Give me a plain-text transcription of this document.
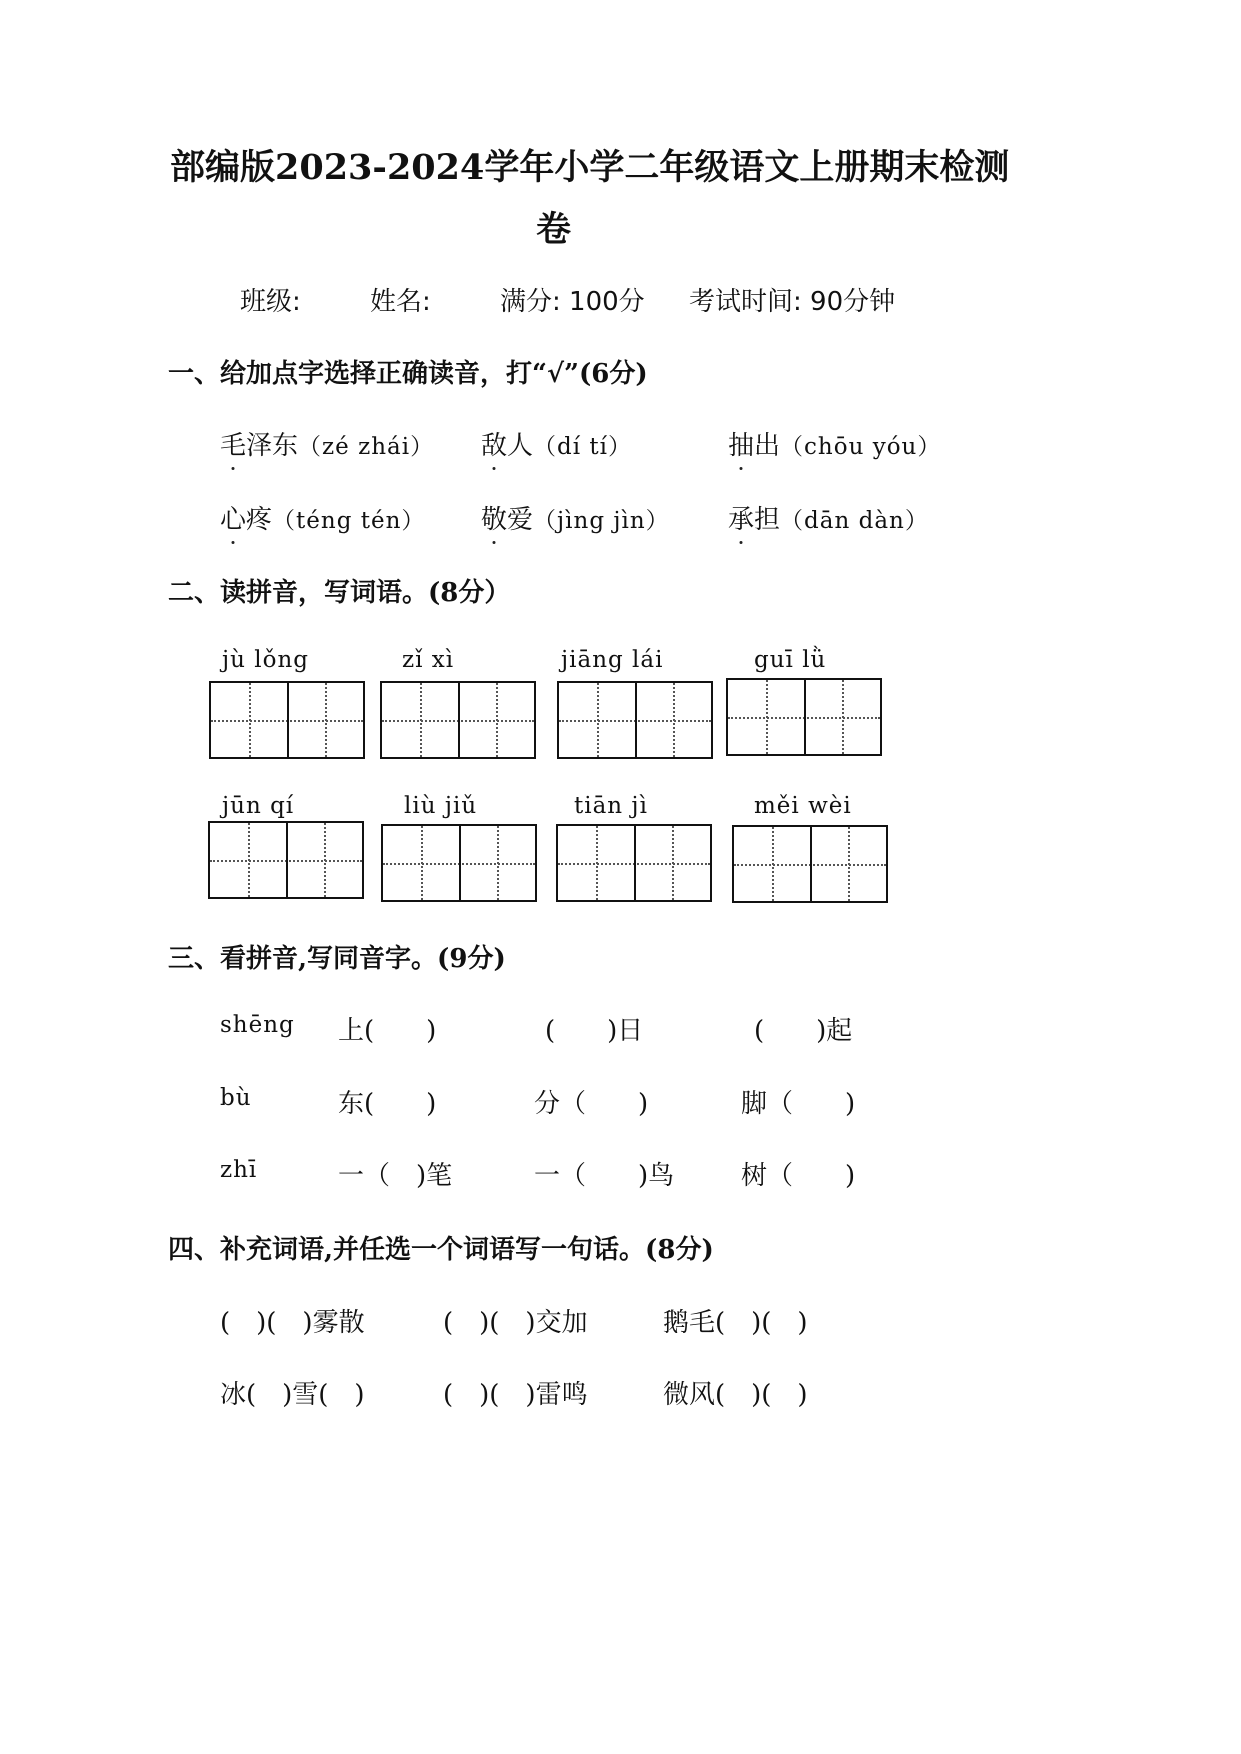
部编版2023-2024学年小学二年级语文上册期末检测
卷
班级:	姓名:	满分: 100分 考试时间: 90分钟
一、给加点字选择正确读音，打“√”(6分)
毛泽东（zé zhái） 敌人（dí tí）	抽出（chōu yóu）
心疼（téng tén） 敬爱（jìng jìn） 承担（dān dàn）
二、读拼音，写词语。(8分）
jù lǒng	zǐ xì	jiāng lái	guī lǜ
jūn qí	liù jiǔ	tiān jì	měi wèi
三、看拼音,写同音字。(9分)
shēng 上(　　)	(　　)日	(　　)起
bù	东(　　)	分（　　)	脚（　　)
zhī	一（　)笔	一（　　)鸟	树（　　)
四、补充词语,并任选一个词语写一句话。(8分)
(　)(　)雾散	(　)(　)交加	鹅毛(　)(　)
冰(　)雪(　)	(　)(　)雷鸣	微风(　)(　)
